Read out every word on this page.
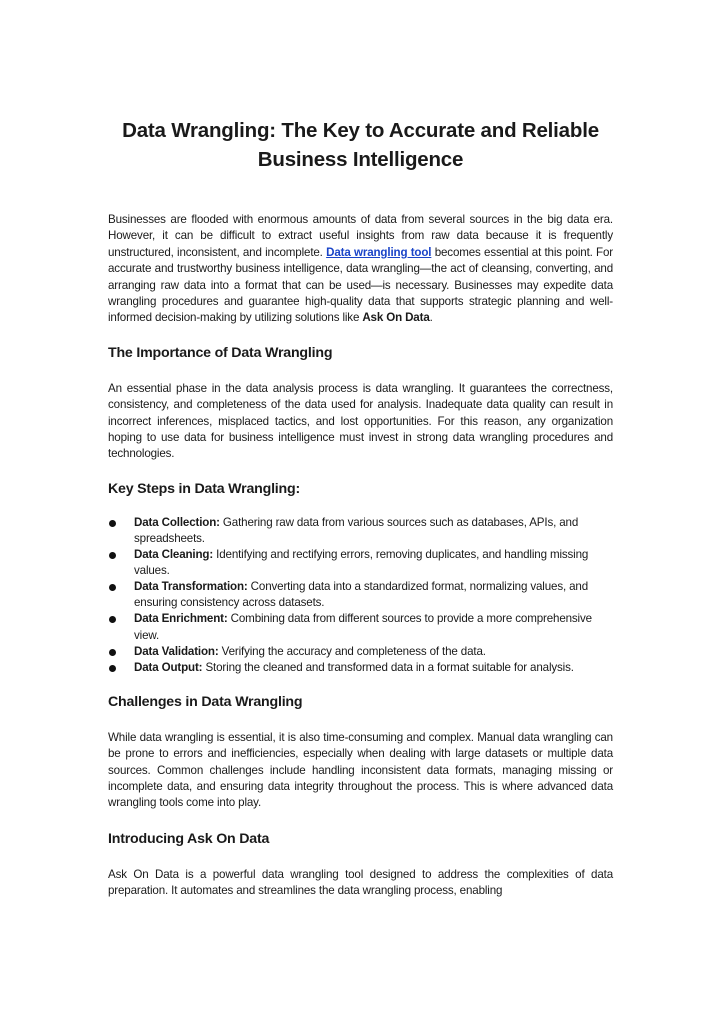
Data Wrangling: The Key to Accurate and Reliable Business Intelligence

Businesses are flooded with enormous amounts of data from several sources in the big data era. However, it can be difficult to extract useful insights from raw data because it is frequently unstructured, inconsistent, and incomplete. Data wrangling tool becomes essential at this point. For accurate and trustworthy business intelligence, data wrangling—the act of cleansing, converting, and arranging raw data into a format that can be used—is necessary. Businesses may expedite data wrangling procedures and guarantee high-quality data that supports strategic planning and well-informed decision-making by utilizing solutions like Ask On Data.

The Importance of Data Wrangling

An essential phase in the data analysis process is data wrangling. It guarantees the correctness, consistency, and completeness of the data used for analysis. Inadequate data quality can result in incorrect inferences, misplaced tactics, and lost opportunities. For this reason, any organization hoping to use data for business intelligence must invest in strong data wrangling procedures and technologies.

Key Steps in Data Wrangling:
Data Collection: Gathering raw data from various sources such as databases, APIs, and spreadsheets.
Data Cleaning: Identifying and rectifying errors, removing duplicates, and handling missing values.
Data Transformation: Converting data into a standardized format, normalizing values, and ensuring consistency across datasets.
Data Enrichment: Combining data from different sources to provide a more comprehensive view.
Data Validation: Verifying the accuracy and completeness of the data.
Data Output: Storing the cleaned and transformed data in a format suitable for analysis.
Challenges in Data Wrangling

While data wrangling is essential, it is also time-consuming and complex. Manual data wrangling can be prone to errors and inefficiencies, especially when dealing with large datasets or multiple data sources. Common challenges include handling inconsistent data formats, managing missing or incomplete data, and ensuring data integrity throughout the process. This is where advanced data wrangling tools come into play.

Introducing Ask On Data

Ask On Data is a powerful data wrangling tool designed to address the complexities of data preparation. It automates and streamlines the data wrangling process, enabling
